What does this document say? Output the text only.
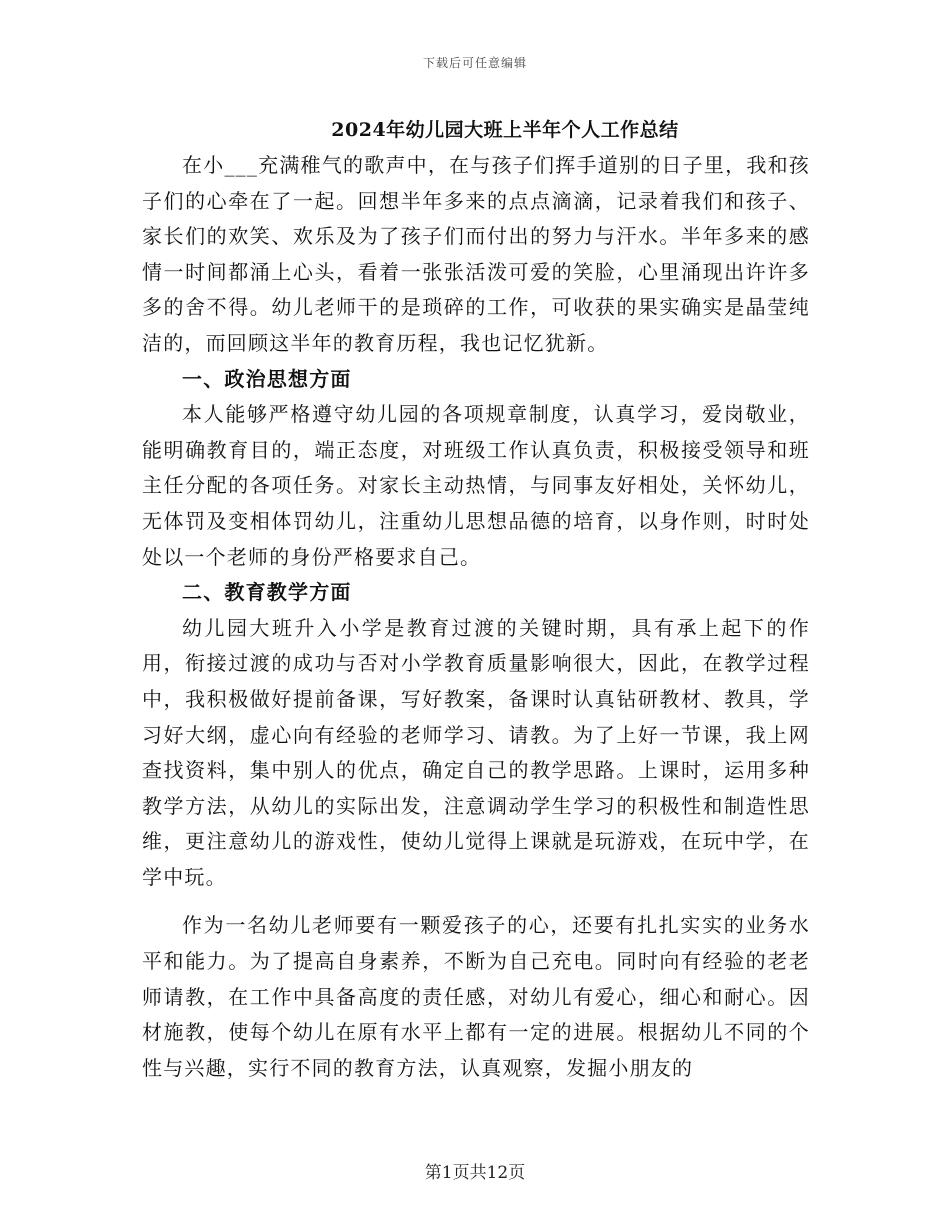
下载后可任意编辑
2024年幼儿园大班上半年个人工作总结

在小___充满稚气的歌声中，在与孩子们挥手道别的日子里，我和孩子们的心牵在了一起。回想半年多来的点点滴滴，记录着我们和孩子、家长们的欢笑、欢乐及为了孩子们而付出的努力与汗水。半年多来的感情一时间都涌上心头，看着一张张活泼可爱的笑脸，心里涌现出许许多多的舍不得。幼儿老师干的是琐碎的工作，可收获的果实确实是晶莹纯洁的，而回顾这半年的教育历程，我也记忆犹新。

一、政治思想方面

本人能够严格遵守幼儿园的各项规章制度，认真学习，爱岗敬业，能明确教育目的，端正态度，对班级工作认真负责，积极接受领导和班主任分配的各项任务。对家长主动热情，与同事友好相处，关怀幼儿，无体罚及变相体罚幼儿，注重幼儿思想品德的培育，以身作则，时时处处以一个老师的身份严格要求自己。

二、教育教学方面

幼儿园大班升入小学是教育过渡的关键时期，具有承上起下的作用，衔接过渡的成功与否对小学教育质量影响很大，因此，在教学过程中，我积极做好提前备课，写好教案，备课时认真钻研教材、教具，学习好大纲，虚心向有经验的老师学习、请教。为了上好一节课，我上网查找资料，集中别人的优点，确定自己的教学思路。上课时，运用多种教学方法，从幼儿的实际出发，注意调动学生学习的积极性和制造性思维，更注意幼儿的游戏性，使幼儿觉得上课就是玩游戏，在玩中学，在学中玩。

作为一名幼儿老师要有一颗爱孩子的心，还要有扎扎实实的业务水平和能力。为了提高自身素养，不断为自己充电。同时向有经验的老老师请教，在工作中具备高度的责任感，对幼儿有爱心，细心和耐心。因材施教，使每个幼儿在原有水平上都有一定的进展。根据幼儿不同的个性与兴趣，实行不同的教育方法，认真观察，发掘小朋友的

第1页共12页
